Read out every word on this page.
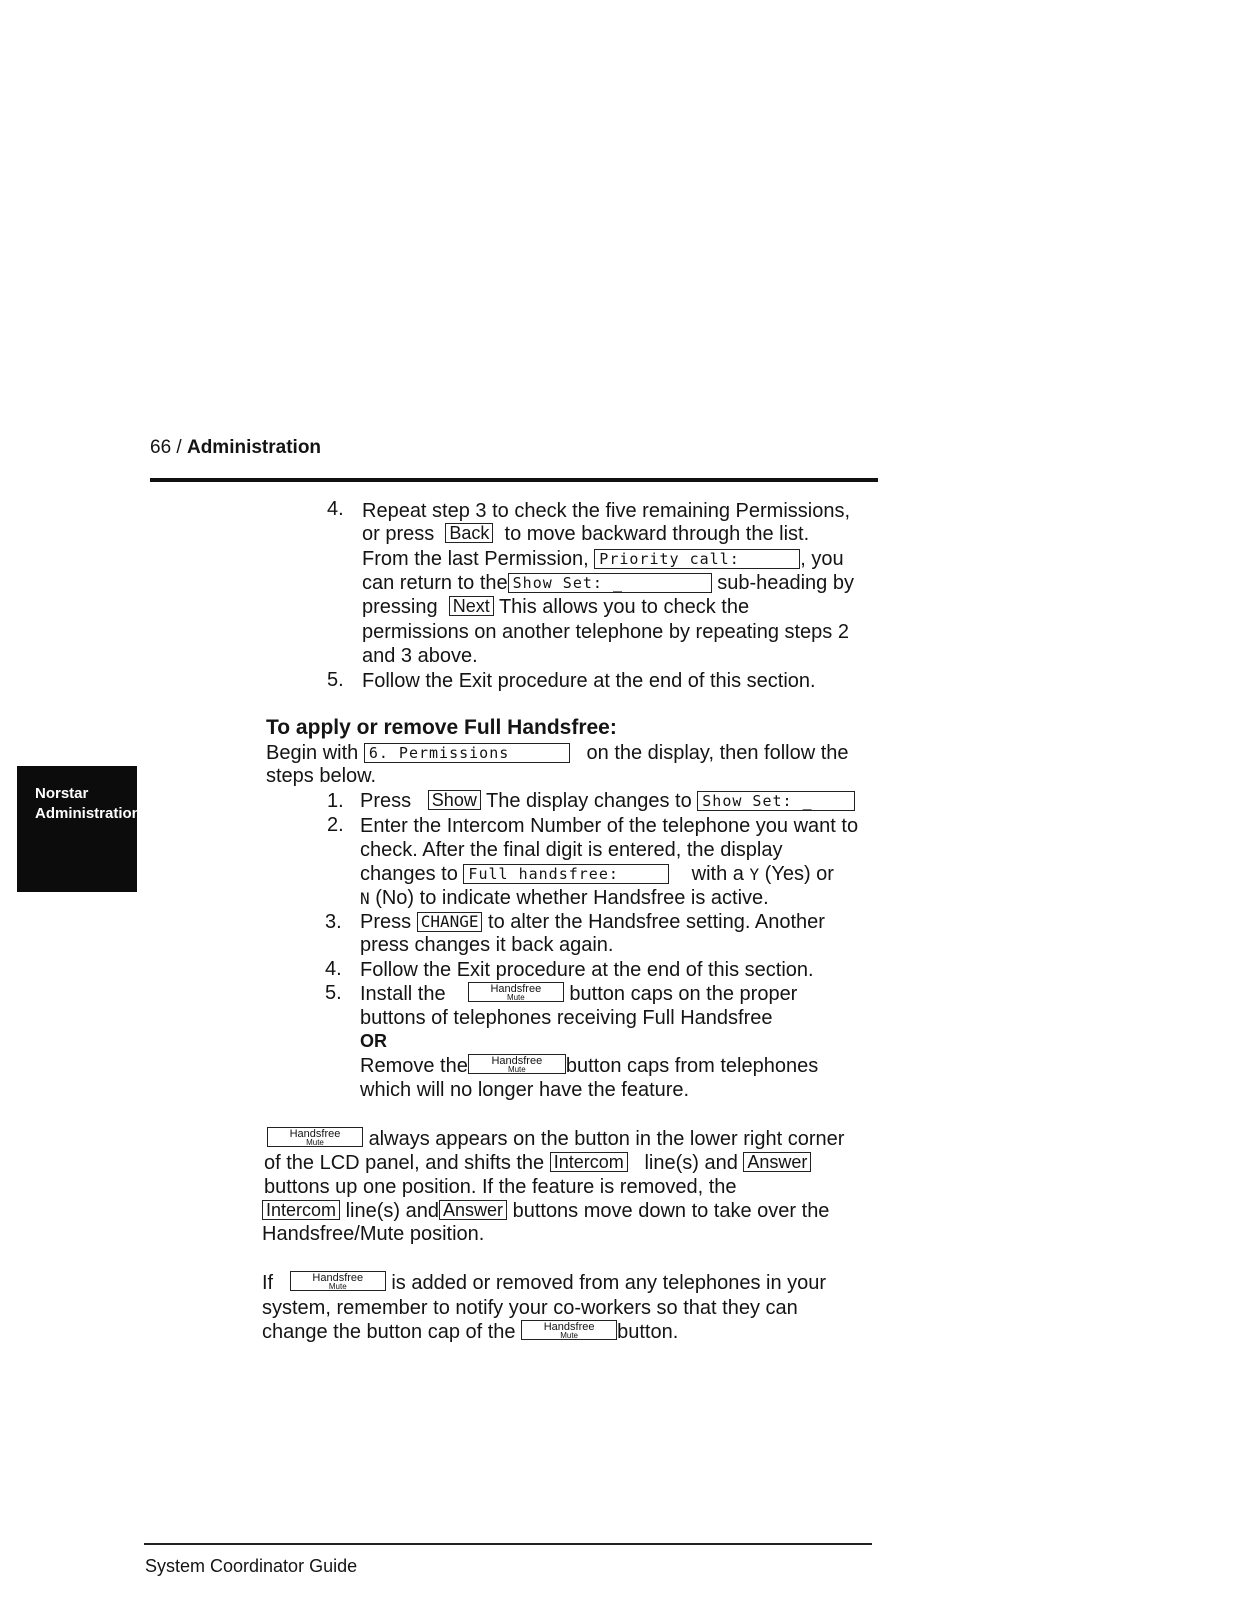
66 / Administration
Norstar
Administration
4. Repeat step 3 to check the five remaining Permissions,
or press Back to move backward through the list.
From the last Permission, Priority call:	, you
can return to the Show Set: _	sub-heading by
pressing Next This allows you to check the
permissions on another telephone by repeating steps 2
and 3 above.
5. Follow the Exit procedure at the end of this section.
To apply or remove Full Handsfree:
Begin with 6. Permissions	on the display, then follow the
steps below.
1. Press Show The display changes to Show Set: _
2. Enter the Intercom Number of the telephone you want to
check. After the final digit is entered, the display
changes to Full handsfree:	with a Y (Yes) or
N (No) to indicate whether Handsfree is active.
3. Press CHANGE to alter the Handsfree setting. Another
press changes it back again.
4. Follow the Exit procedure at the end of this section.
5. Install the	Handsfree
Mute	button caps on the proper
buttons of telephones receiving Full Handsfree
OR
Remove the	Handsfree
Mute	button caps from telephones
which will no longer have the feature.
Handsfree
Mute	always appears on the button in the lower right corner
of the LCD panel, and shifts the Intercom line(s) and Answer
buttons up one position. If the feature is removed, the
Intercom line(s) and Answer buttons move down to take over the
Handsfree/Mute position.
If	Handsfree
Mute	is added or removed from any telephones in your
system, remember to notify your co-workers so that they can
change the button cap of the	Handsfree
Mute	button.
System Coordinator Guide
